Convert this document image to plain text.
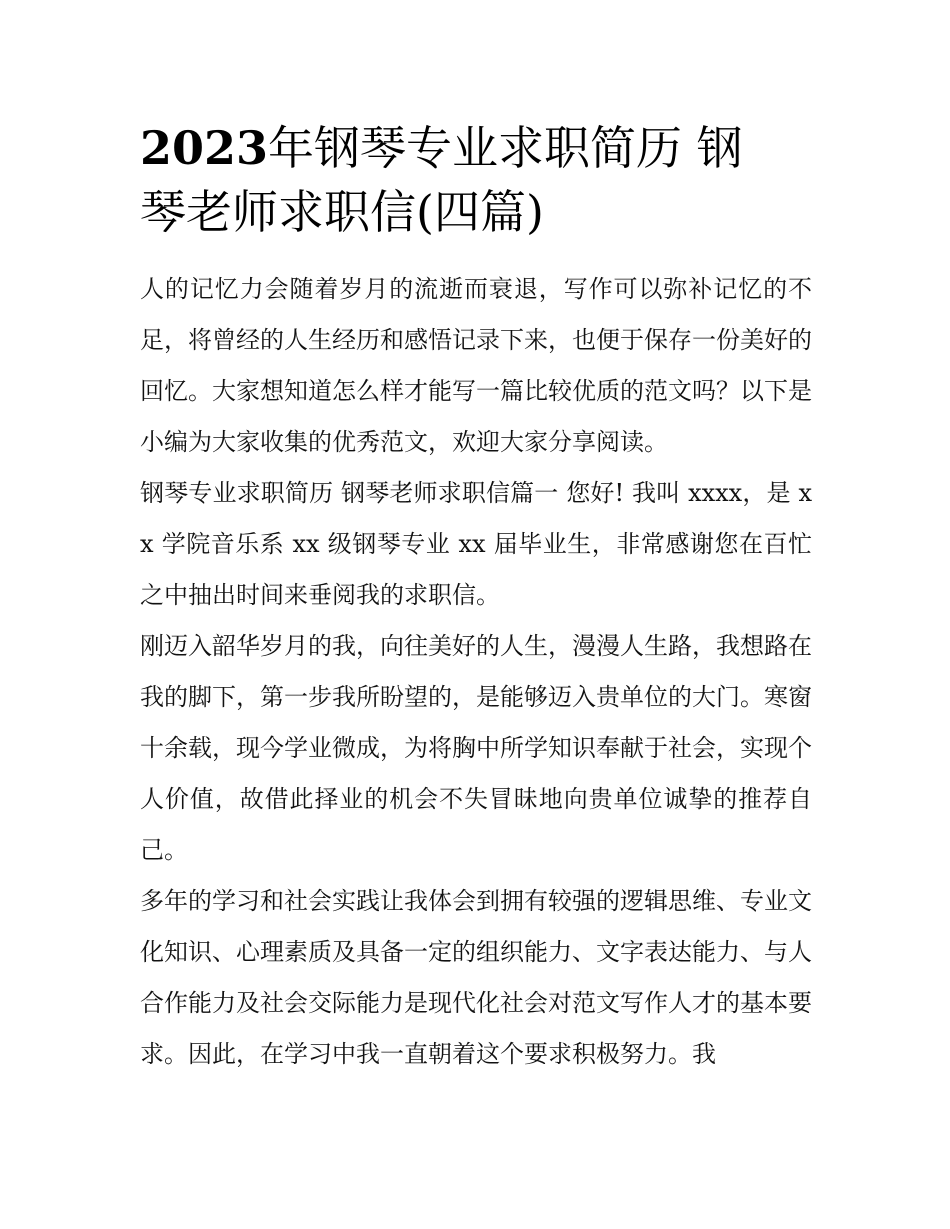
2023年钢琴专业求职简历 钢
琴老师求职信(四篇)

人的记忆力会随着岁月的流逝而衰退，写作可以弥补记忆的不足，将曾经的人生经历和感悟记录下来，也便于保存一份美好的回忆。大家想知道怎么样才能写一篇比较优质的范文吗？以下是小编为大家收集的优秀范文，欢迎大家分享阅读。

钢琴专业求职简历 钢琴老师求职信篇一 您好! 我叫 xxxx，是 xx 学院音乐系 xx 级钢琴专业 xx 届毕业生，非常感谢您在百忙之中抽出时间来垂阅我的求职信。

刚迈入韶华岁月的我，向往美好的人生，漫漫人生路，我想路在我的脚下，第一步我所盼望的，是能够迈入贵单位的大门。寒窗十余载，现今学业微成，为将胸中所学知识奉献于社会，实现个人价值，故借此择业的机会不失冒昧地向贵单位诚挚的推荐自己。

多年的学习和社会实践让我体会到拥有较强的逻辑思维、专业文化知识、心理素质及具备一定的组织能力、文字表达能力、与人合作能力及社会交际能力是现代化社会对范文写作人才的基本要求。因此，在学习中我一直朝着这个要求积极努力。我
